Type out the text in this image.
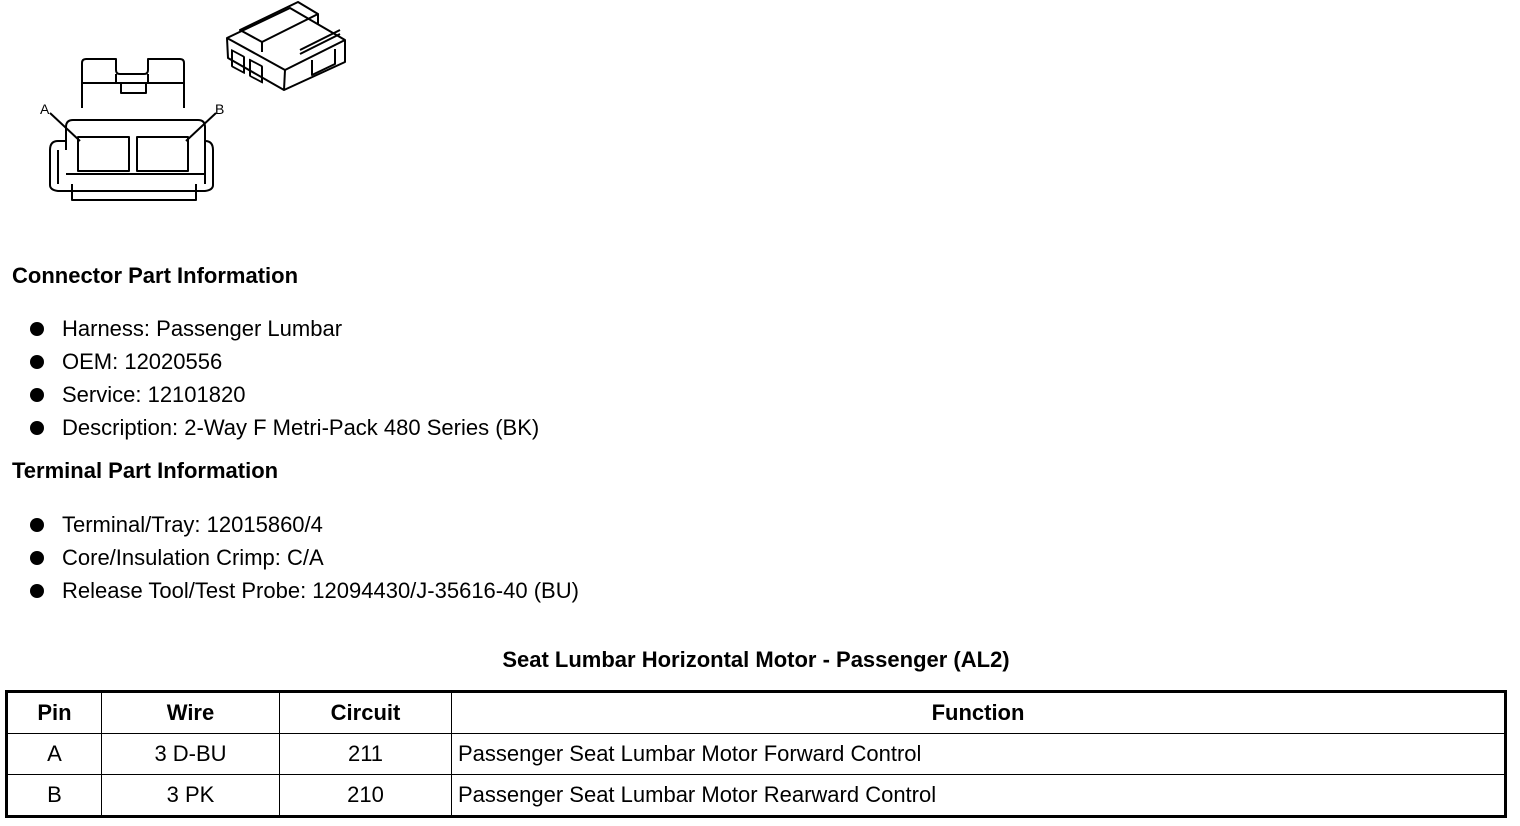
A	B
Connector Part Information
Harness: Passenger Lumbar
OEM: 12020556
Service: 12101820
Description: 2-Way F Metri-Pack 480 Series (BK)
Terminal Part Information
Terminal/Tray: 12015860/4
Core/Insulation Crimp: C/A
Release Tool/Test Probe: 12094430/J-35616-40 (BU)
Seat Lumbar Horizontal Motor - Passenger (AL2)
Pin	Wire	Circuit	Function
A	3 D-BU	211	Passenger Seat Lumbar Motor Forward Control
B	3 PK	210	Passenger Seat Lumbar Motor Rearward Control
